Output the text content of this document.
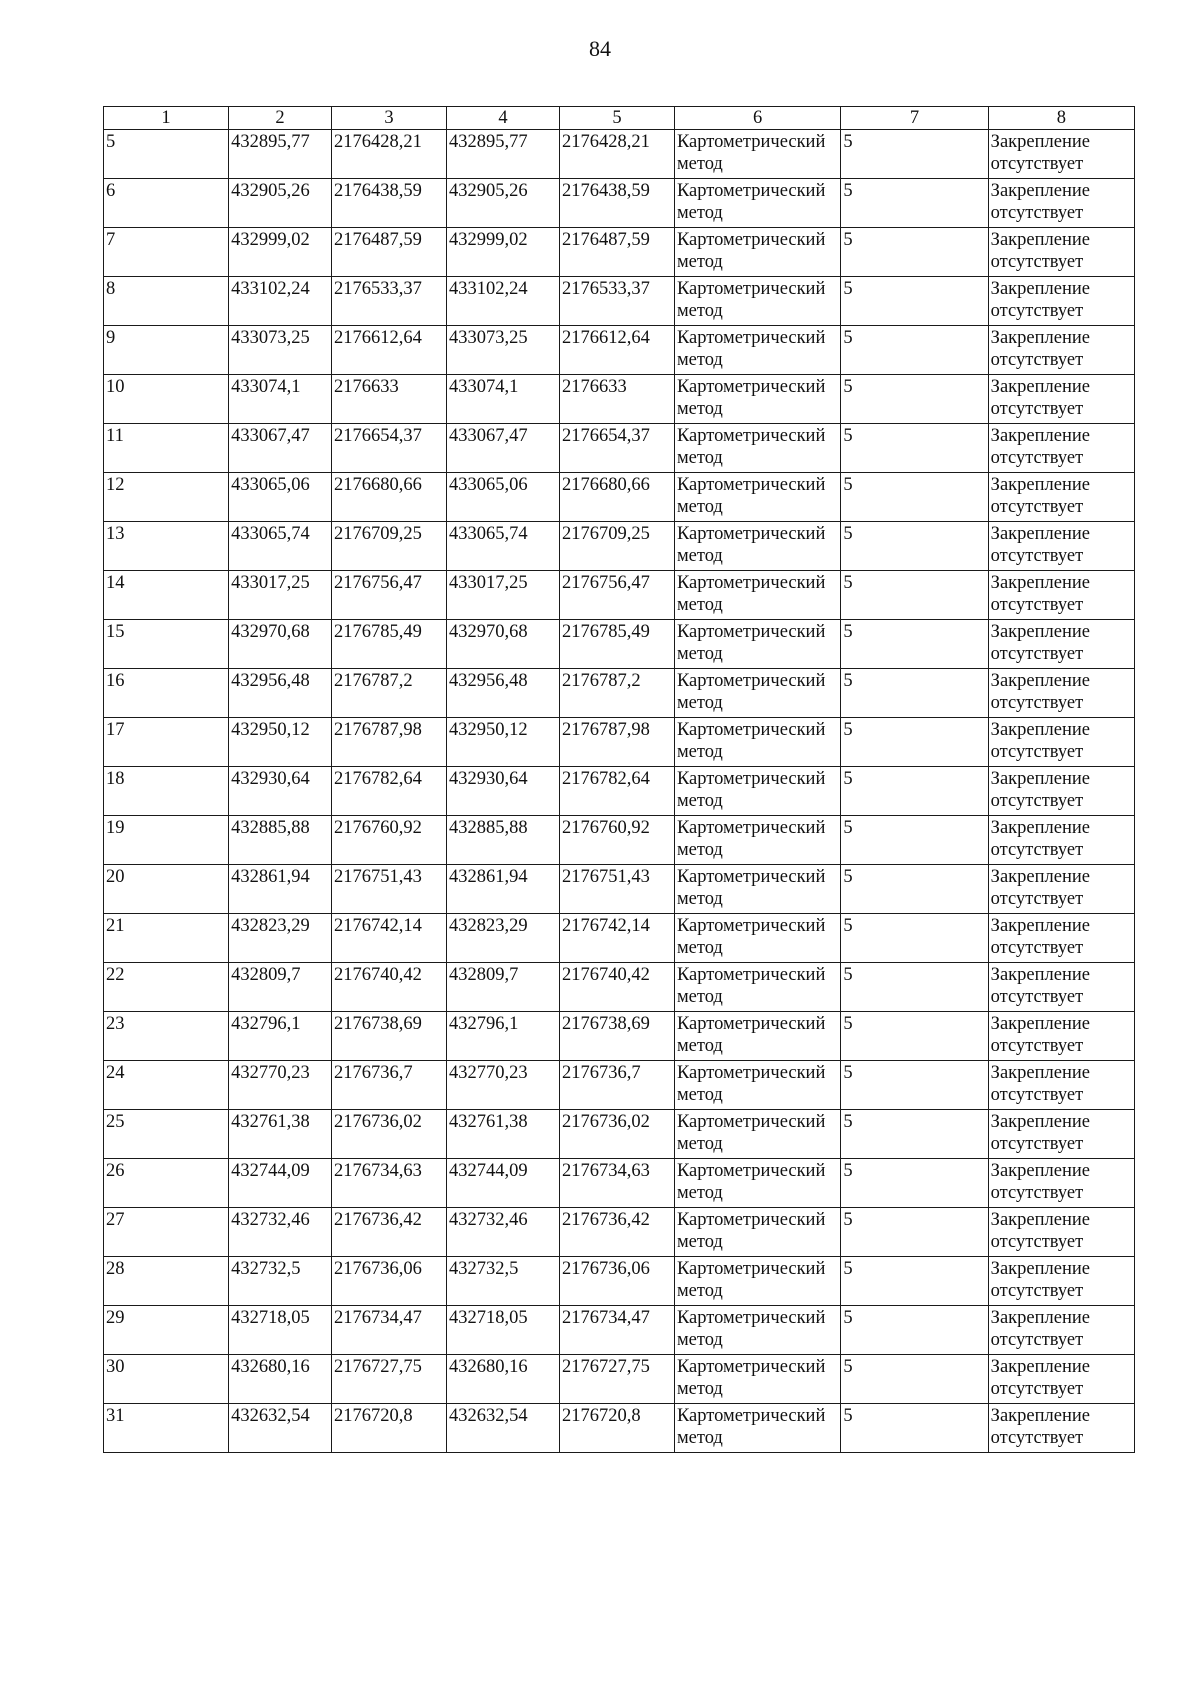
84
1	2	3	4	5	6	7	8
5	432895,77	2176428,21	432895,77	2176428,21	Картометрический метод	5	Закрепление отсутствует
6	432905,26	2176438,59	432905,26	2176438,59	Картометрический метод	5	Закрепление отсутствует
7	432999,02	2176487,59	432999,02	2176487,59	Картометрический метод	5	Закрепление отсутствует
8	433102,24	2176533,37	433102,24	2176533,37	Картометрический метод	5	Закрепление отсутствует
9	433073,25	2176612,64	433073,25	2176612,64	Картометрический метод	5	Закрепление отсутствует
10	433074,1	2176633	433074,1	2176633	Картометрический метод	5	Закрепление отсутствует
11	433067,47	2176654,37	433067,47	2176654,37	Картометрический метод	5	Закрепление отсутствует
12	433065,06	2176680,66	433065,06	2176680,66	Картометрический метод	5	Закрепление отсутствует
13	433065,74	2176709,25	433065,74	2176709,25	Картометрический метод	5	Закрепление отсутствует
14	433017,25	2176756,47	433017,25	2176756,47	Картометрический метод	5	Закрепление отсутствует
15	432970,68	2176785,49	432970,68	2176785,49	Картометрический метод	5	Закрепление отсутствует
16	432956,48	2176787,2	432956,48	2176787,2	Картометрический метод	5	Закрепление отсутствует
17	432950,12	2176787,98	432950,12	2176787,98	Картометрический метод	5	Закрепление отсутствует
18	432930,64	2176782,64	432930,64	2176782,64	Картометрический метод	5	Закрепление отсутствует
19	432885,88	2176760,92	432885,88	2176760,92	Картометрический метод	5	Закрепление отсутствует
20	432861,94	2176751,43	432861,94	2176751,43	Картометрический метод	5	Закрепление отсутствует
21	432823,29	2176742,14	432823,29	2176742,14	Картометрический метод	5	Закрепление отсутствует
22	432809,7	2176740,42	432809,7	2176740,42	Картометрический метод	5	Закрепление отсутствует
23	432796,1	2176738,69	432796,1	2176738,69	Картометрический метод	5	Закрепление отсутствует
24	432770,23	2176736,7	432770,23	2176736,7	Картометрический метод	5	Закрепление отсутствует
25	432761,38	2176736,02	432761,38	2176736,02	Картометрический метод	5	Закрепление отсутствует
26	432744,09	2176734,63	432744,09	2176734,63	Картометрический метод	5	Закрепление отсутствует
27	432732,46	2176736,42	432732,46	2176736,42	Картометрический метод	5	Закрепление отсутствует
28	432732,5	2176736,06	432732,5	2176736,06	Картометрический метод	5	Закрепление отсутствует
29	432718,05	2176734,47	432718,05	2176734,47	Картометрический метод	5	Закрепление отсутствует
30	432680,16	2176727,75	432680,16	2176727,75	Картометрический метод	5	Закрепление отсутствует
31	432632,54	2176720,8	432632,54	2176720,8	Картометрический метод	5	Закрепление отсутствует
